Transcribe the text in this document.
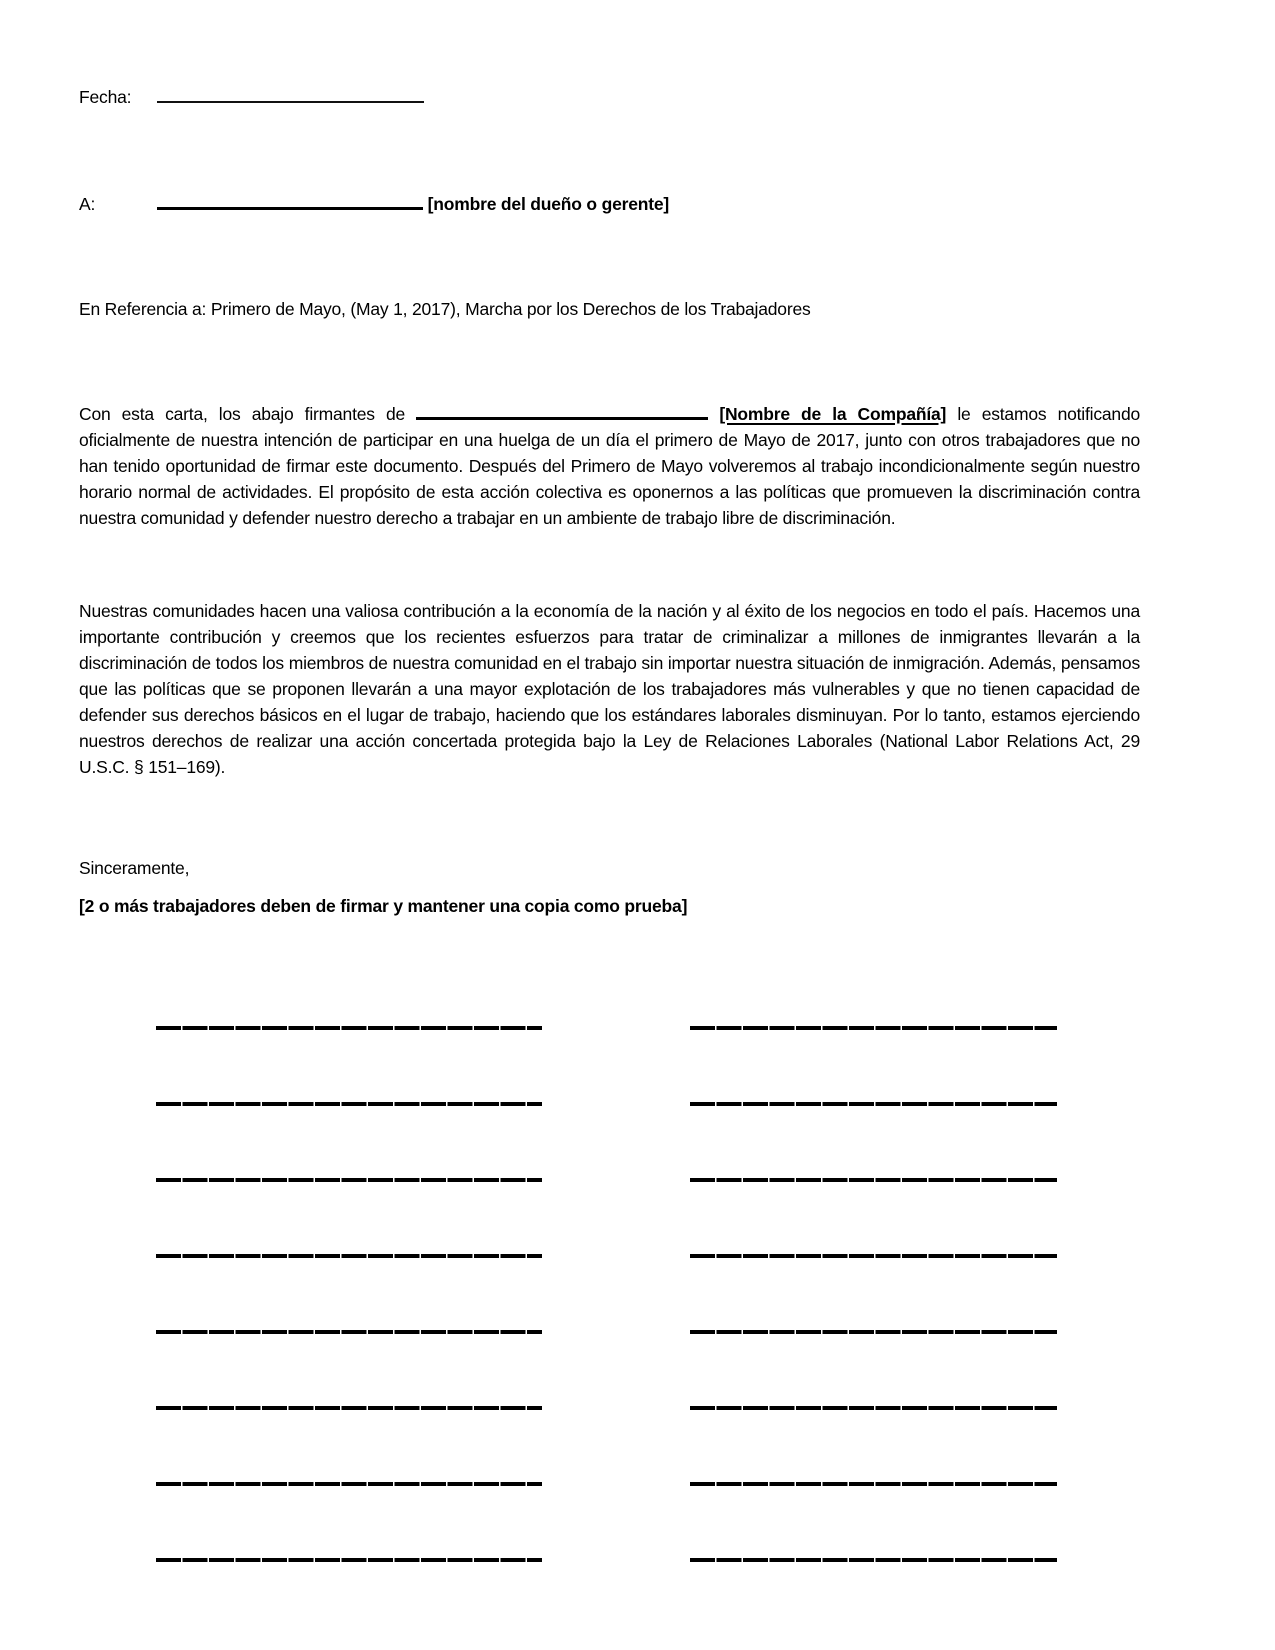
Fecha:
A:	[nombre del dueño o gerente]
En Referencia a: Primero de Mayo, (May 1, 2017), Marcha por los Derechos de los Trabajadores

Con esta carta, los abajo firmantes de	[Nombre de la Compañía] le estamos notificando oficialmente de nuestra intención de participar en una huelga de un día el primero de Mayo de 2017, junto con otros trabajadores que no han tenido oportunidad de firmar este documento. Después del Primero de Mayo volveremos al trabajo incondicionalmente según nuestro horario normal de actividades. El propósito de esta acción colectiva es oponernos a las políticas que promueven la discriminación contra nuestra comunidad y defender nuestro derecho a trabajar en un ambiente de trabajo libre de discriminación.

Nuestras comunidades hacen una valiosa contribución a la economía de la nación y al éxito de los negocios en todo el país. Hacemos una importante contribución y creemos que los recientes esfuerzos para tratar de criminalizar a millones de inmigrantes llevarán a la discriminación de todos los miembros de nuestra comunidad en el trabajo sin importar nuestra situación de inmigración. Además, pensamos que las políticas que se proponen llevarán a una mayor explotación de los trabajadores más vulnerables y que no tienen capacidad de defender sus derechos básicos en el lugar de trabajo, haciendo que los estándares laborales disminuyan. Por lo tanto, estamos ejerciendo nuestros derechos de realizar una acción concertada protegida bajo la Ley de Relaciones Laborales (National Labor Relations Act, 29 U.S.C. § 151–169).

Sinceramente,
[2 o más trabajadores deben de firmar y mantener una copia como prueba]
